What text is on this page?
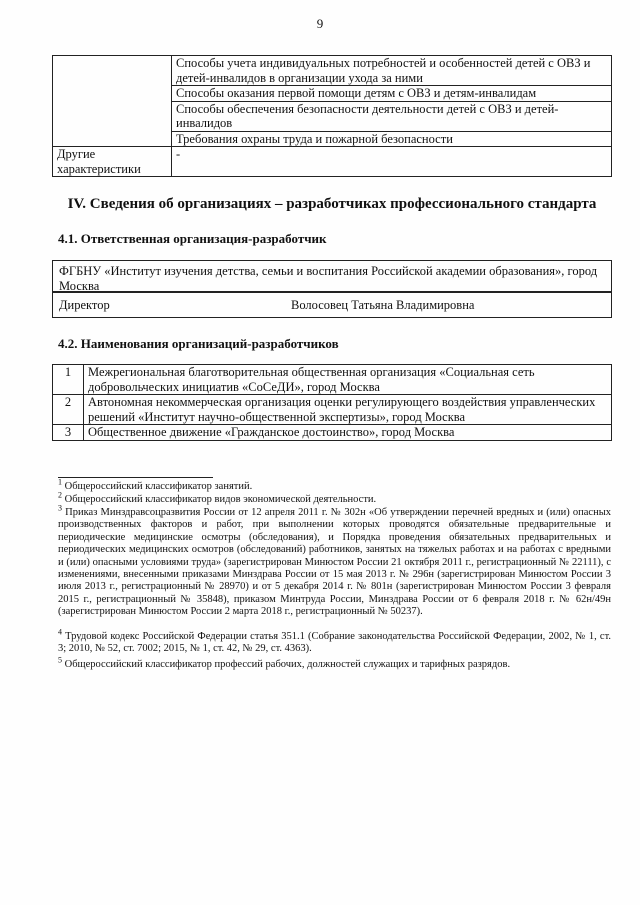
9
	Способы учета индивидуальных потребностей и особенностей детей с ОВЗ и детей-инвалидов в организации ухода за ними
	Способы оказания первой помощи детям с ОВЗ и детям-инвалидам
	Способы обеспечения безопасности деятельности детей с ОВЗ и детей-инвалидов
	Требования охраны труда и пожарной безопасности
Другие характеристики	-
IV. Сведения об организациях – разработчиках профессионального стандарта
4.1. Ответственная организация-разработчик
ФГБНУ «Институт изучения детства, семьи и воспитания Российской академии образования», город Москва
Директор	Волосовец Татьяна Владимировна
4.2. Наименования организаций-разработчиков
1	Межрегиональная благотворительная общественная организация «Социальная сеть добровольческих инициатив «СоСеДИ», город Москва
2	Автономная некоммерческая организация оценки регулирующего воздействия управленческих решений «Институт научно-общественной экспертизы», город Москва
3	Общественное движение «Гражданское достоинство», город Москва
$^1$ Общероссийский классификатор занятий.
$^2$ Общероссийский классификатор видов экономической деятельности.
$^3$ Приказ Минздравсоцразвития России от 12 апреля 2011 г. № 302н «Об утверждении перечней вредных и (или) опасных производственных факторов и работ, при выполнении которых проводятся обязательные предварительные и периодические медицинские осмотры (обследования), и Порядка проведения обязательных предварительных и периодических медицинских осмотров (обследований) работников, занятых на тяжелых работах и на работах с вредными и (или) опасными условиями труда» (зарегистрирован Минюстом России 21 октября 2011 г., регистрационный № 22111), с изменениями, внесенными приказами Минздрава России от 15 мая 2013 г. № 296н (зарегистрирован Минюстом России 3 июля 2013 г., регистрационный № 28970) и от 5 декабря 2014 г. № 801н (зарегистрирован Минюстом России 3 февраля 2015 г., регистрационный № 35848), приказом Минтруда России, Минздрава России от 6 февраля 2018 г. № 62н/49н (зарегистрирован Минюстом России 2 марта 2018 г., регистрационный № 50237).
$^4$ Трудовой кодекс Российской Федерации статья 351.1 (Собрание законодательства Российской Федерации, 2002, № 1, ст. 3; 2010, № 52, ст. 7002; 2015, № 1, ст. 42, № 29, ст. 4363).
$^5$ Общероссийский классификатор профессий рабочих, должностей служащих и тарифных разрядов.
